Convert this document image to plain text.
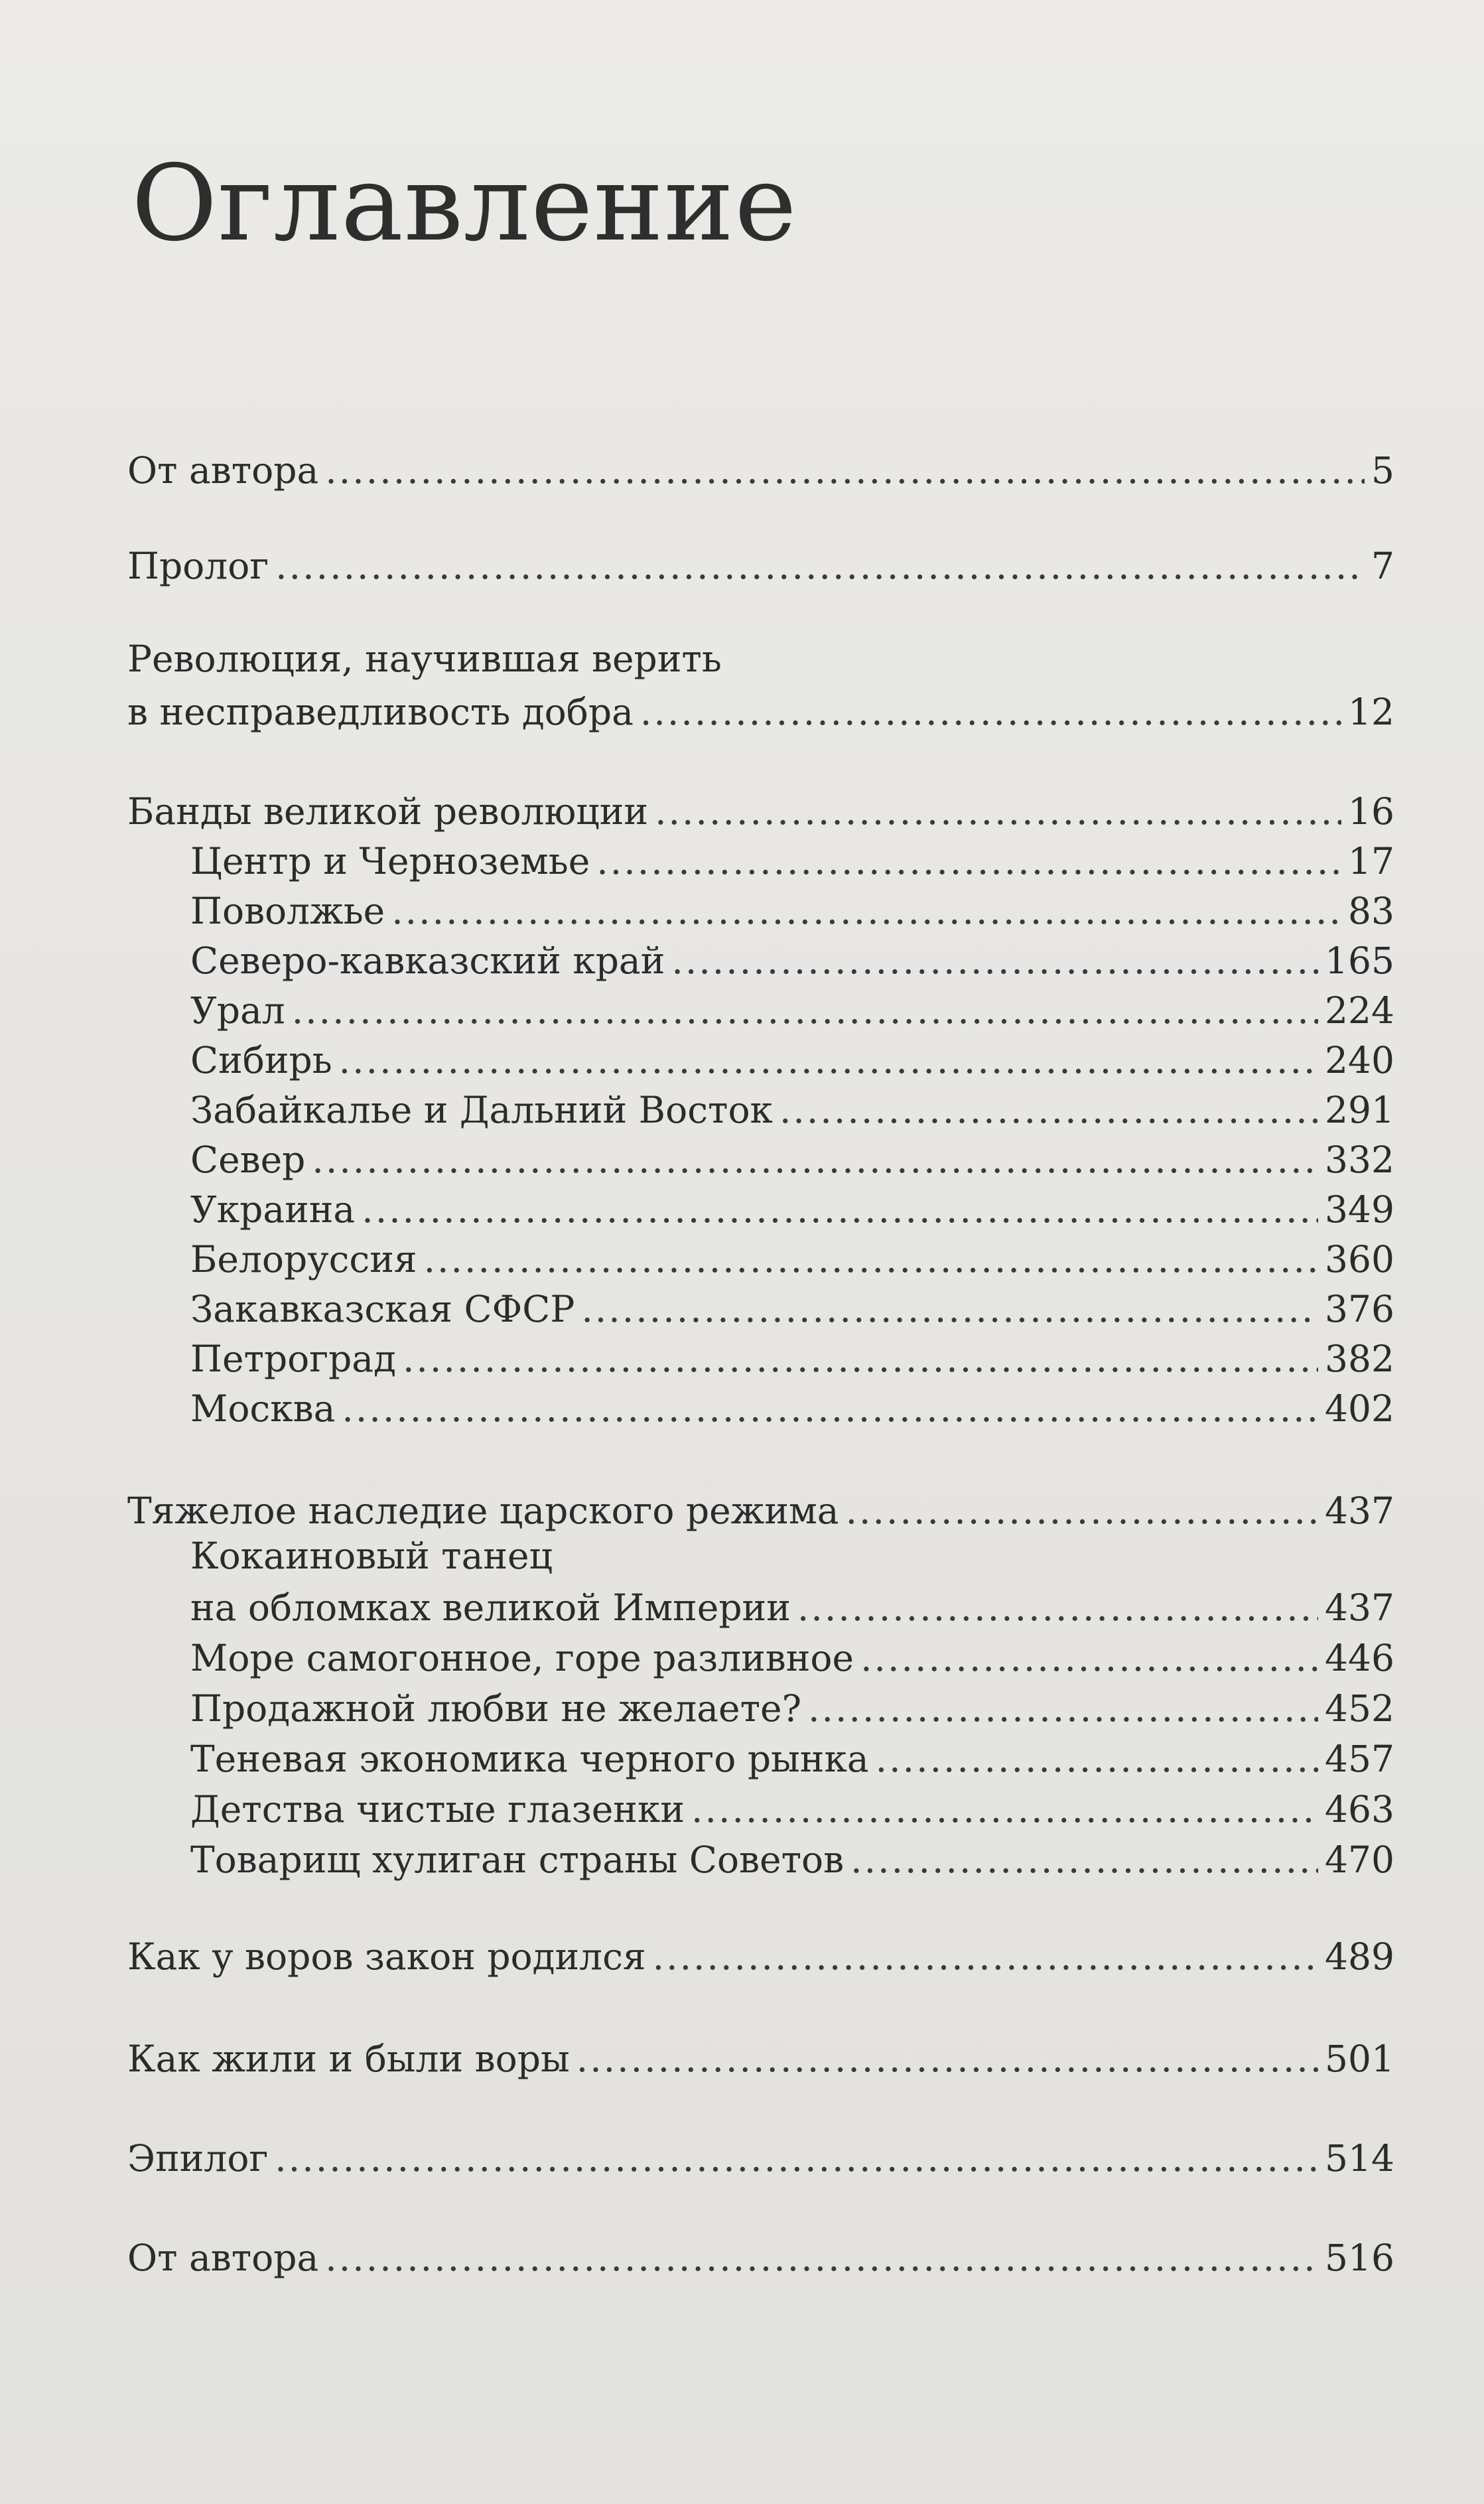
Оглавление
От автора .....	5
Пролог .....	7
Революция, научившая верить
в несправедливость добра .....	12
Банды великой революции .....	16
Центр и Черноземье .....	17
Поволжье .....	83
Северо-кавказский край .....	165
Урал .....	224
Сибирь .....	240
Забайкалье и Дальний Восток .....	291
Север .....	332
Украина .....	349
Белоруссия .....	360
Закавказская СФСР .....	376
Петроград .....	382
Москва .....	402
Тяжелое наследие царского режима .....	437
Кокаиновый танец
на обломках великой Империи .....	437
Море самогонное, горе разливное .....	446
Продажной любви не желаете? .....	452
Теневая экономика черного рынка .....	457
Детства чистые глазенки .....	463
Товарищ хулиган страны Советов .....	470
Как у воров закон родился .....	489
Как жили и были воры .....	501
Эпилог .....	514
От автора .....	516
